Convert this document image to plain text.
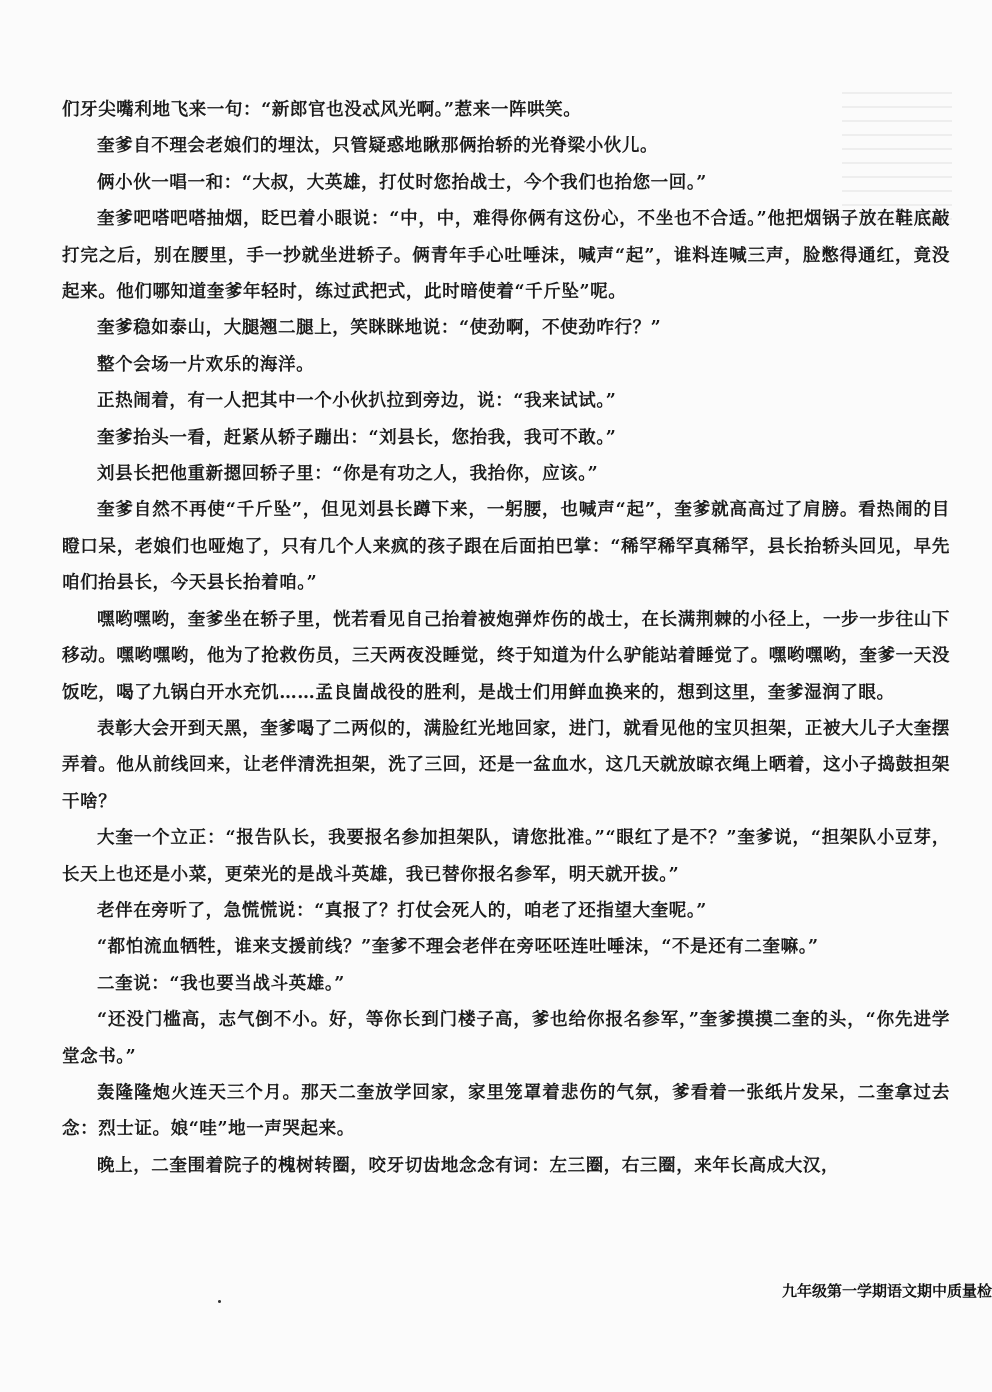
们牙尖嘴利地飞来一句：“新郎官也没忒风光啊。”惹来一阵哄笑。

奎爹自不理会老娘们的埋汰，只管疑惑地瞅那俩抬轿的光脊梁小伙儿。

俩小伙一唱一和：“大叔，大英雄，打仗时您抬战士，今个我们也抬您一回。”

奎爹吧嗒吧嗒抽烟，眨巴着小眼说：“中，中，难得你俩有这份心，不坐也不合适。”他把烟锅子放在鞋底敲打完之后，别在腰里，手一抄就坐进轿子。俩青年手心吐唾沫，喊声“起”，谁料连喊三声，脸憋得通红，竟没起来。他们哪知道奎爹年轻时，练过武把式，此时暗使着“千斤坠”呢。

奎爹稳如泰山，大腿翘二腿上，笑眯眯地说：“使劲啊，不使劲咋行？”

整个会场一片欢乐的海洋。

正热闹着，有一人把其中一个小伙扒拉到旁边，说：“我来试试。”

奎爹抬头一看，赶紧从轿子蹦出：“刘县长，您抬我，我可不敢。”

刘县长把他重新摁回轿子里：“你是有功之人，我抬你，应该。”

奎爹自然不再使“千斤坠”，但见刘县长蹲下来，一躬腰，也喊声“起”，奎爹就高高过了肩膀。看热闹的目瞪口呆，老娘们也哑炮了，只有几个人来疯的孩子跟在后面拍巴掌：“稀罕稀罕真稀罕，县长抬轿头回见，早先咱们抬县长，今天县长抬着咱。”

嘿哟嘿哟，奎爹坐在轿子里，恍若看见自己抬着被炮弹炸伤的战士，在长满荆棘的小径上，一步一步往山下移动。嘿哟嘿哟，他为了抢救伤员，三天两夜没睡觉，终于知道为什么驴能站着睡觉了。嘿哟嘿哟，奎爹一天没饭吃，喝了九锅白开水充饥……孟良崮战役的胜利，是战士们用鲜血换来的，想到这里，奎爹湿润了眼。

表彰大会开到天黑，奎爹喝了二两似的，满脸红光地回家，进门，就看见他的宝贝担架，正被大儿子大奎摆弄着。他从前线回来，让老伴清洗担架，洗了三回，还是一盆血水，这几天就放晾衣绳上晒着，这小子捣鼓担架干啥？

大奎一个立正：“报告队长，我要报名参加担架队，请您批准。”“眼红了是不？”奎爹说，“担架队小豆芽，长天上也还是小菜，更荣光的是战斗英雄，我已替你报名参军，明天就开拔。”

老伴在旁听了，急慌慌说：“真报了？打仗会死人的，咱老了还指望大奎呢。”

“都怕流血牺牲，谁来支援前线？”奎爹不理会老伴在旁呸呸连吐唾沫，“不是还有二奎嘛。”

二奎说：“我也要当战斗英雄。”

“还没门槛高，志气倒不小。好，等你长到门楼子高，爹也给你报名参军，”奎爹摸摸二奎的头，“你先进学堂念书。”

轰隆隆炮火连天三个月。那天二奎放学回家，家里笼罩着悲伤的气氛，爹看着一张纸片发呆，二奎拿过去念：烈士证。娘“哇”地一声哭起来。

晚上，二奎围着院子的槐树转圈，咬牙切齿地念念有词：左三圈，右三圈，来年长高成大汉，

九年级第一学期语文期中质量检
